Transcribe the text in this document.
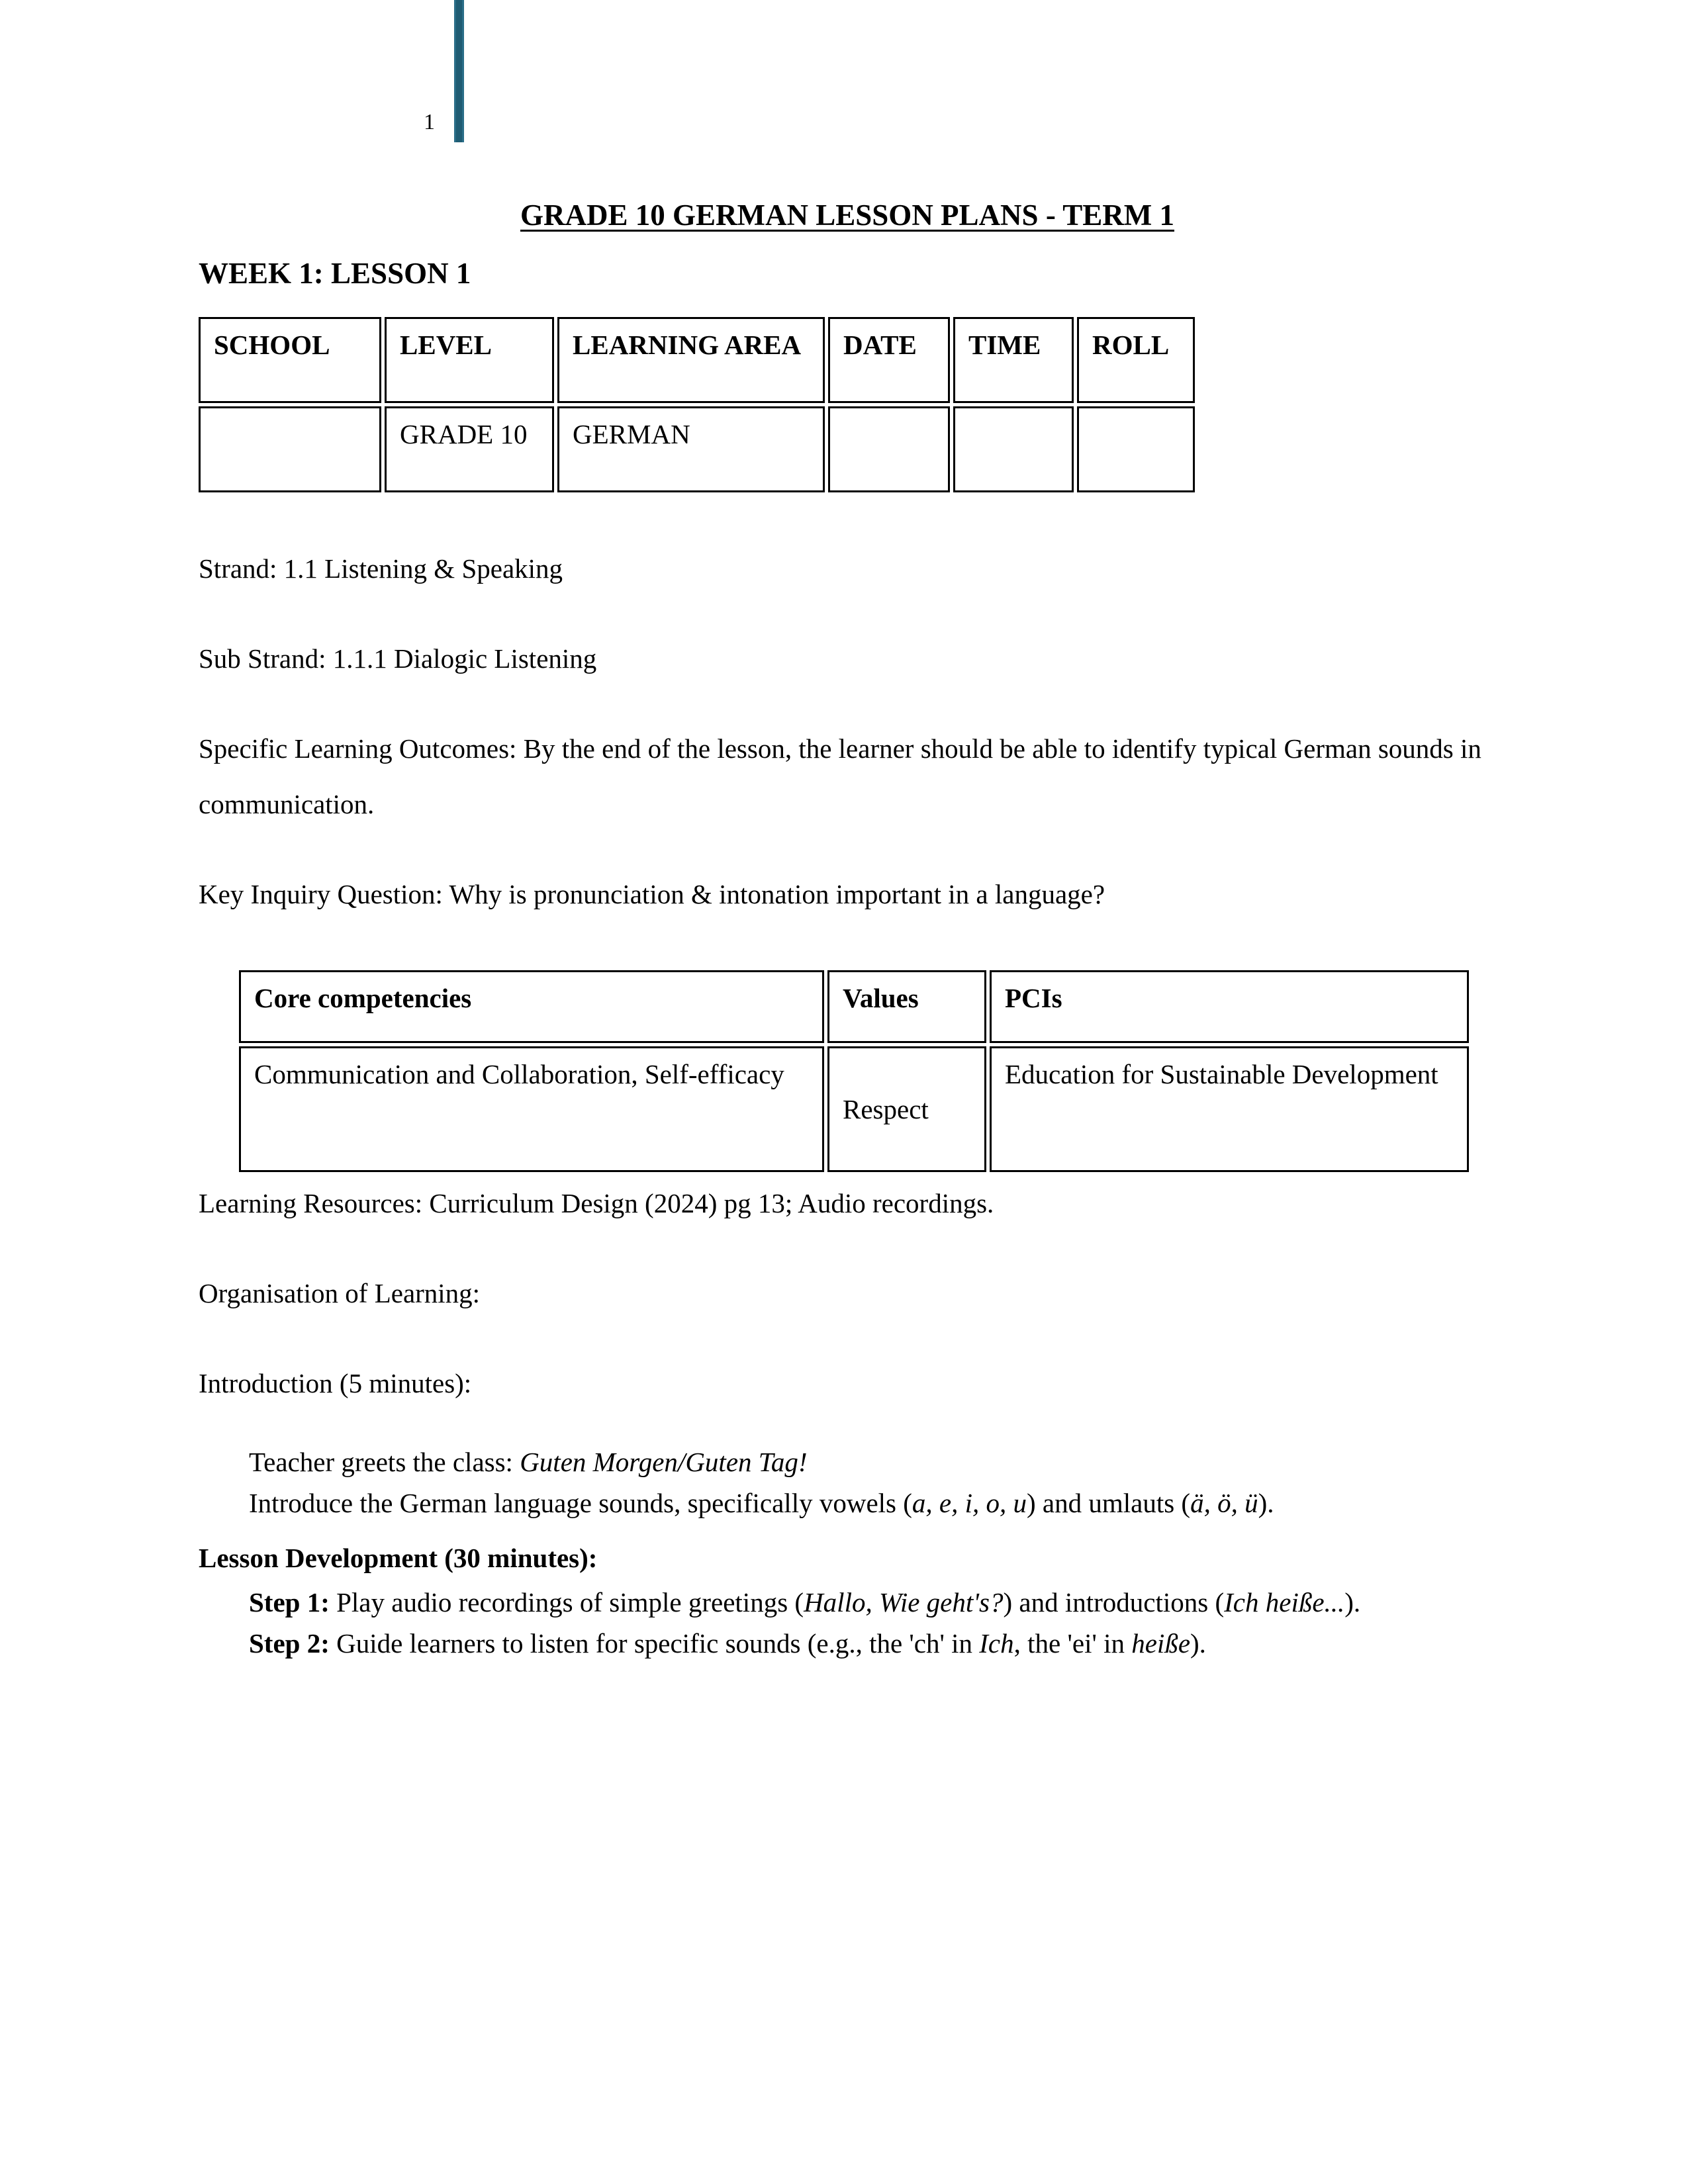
1
GRADE 10 GERMAN LESSON PLANS - TERM 1
WEEK 1: LESSON 1
SCHOOL	LEVEL	LEARNING AREA	DATE	TIME	ROLL
	GRADE 10	GERMAN			

Strand: 1.1 Listening & Speaking

Sub Strand: 1.1.1 Dialogic Listening

Specific Learning Outcomes: By the end of the lesson, the learner should be able to identify typical German sounds in communication.

Key Inquiry Question: Why is pronunciation & intonation important in a language?

Core competencies	Values	PCIs
Communication and Collaboration, Self-efficacy	Respect	Education for Sustainable Development

Learning Resources: Curriculum Design (2024) pg 13; Audio recordings.

Organisation of Learning:

Introduction (5 minutes):

Teacher greets the class: Guten Morgen/Guten Tag!

Introduce the German language sounds, specifically vowels (a, e, i, o, u) and umlauts (ä, ö, ü).

Lesson Development (30 minutes):

Step 1: Play audio recordings of simple greetings (Hallo, Wie geht's?) and introductions (Ich heiße...).

Step 2: Guide learners to listen for specific sounds (e.g., the 'ch' in Ich, the 'ei' in heiße).
